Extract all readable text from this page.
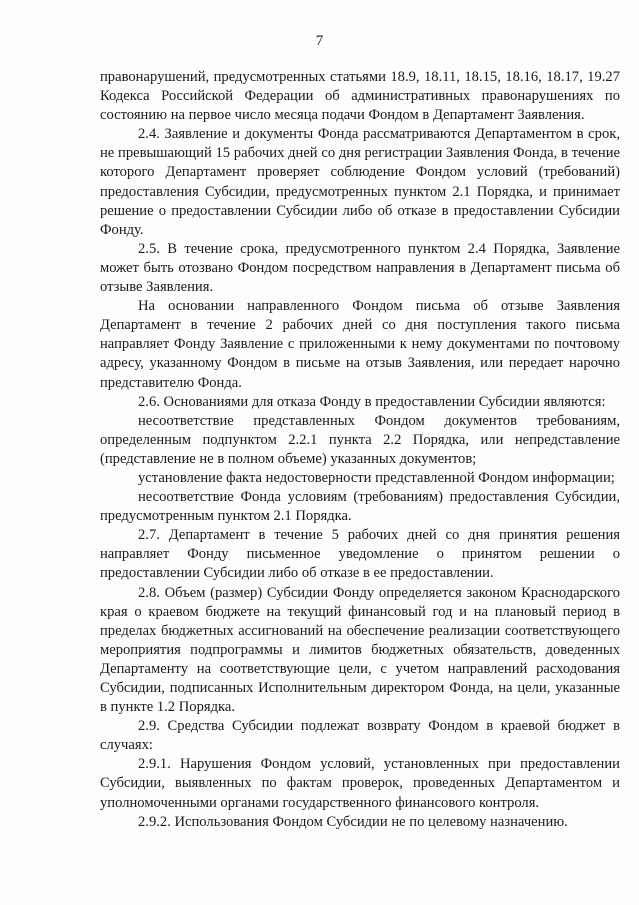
7

правонарушений, предусмотренных статьями 18.9, 18.11, 18.15, 18.16, 18.17, 19.27 Кодекса Российской Федерации об административных правонарушениях по состоянию на первое число месяца подачи Фондом в Департамент Заявления.

2.4. Заявление и документы Фонда рассматриваются Департаментом в срок, не превышающий 15 рабочих дней со дня регистрации Заявления Фонда, в течение которого Департамент проверяет соблюдение Фондом условий (требований) предоставления Субсидии, предусмотренных пунктом 2.1 Порядка, и принимает решение о предоставлении Субсидии либо об отказе в предоставлении Субсидии Фонду.

2.5. В течение срока, предусмотренного пунктом 2.4 Порядка, Заявление может быть отозвано Фондом посредством направления в Департамент письма об отзыве Заявления.

На основании направленного Фондом письма об отзыве Заявления Департамент в течение 2 рабочих дней со дня поступления такого письма направляет Фонду Заявление с приложенными к нему документами по почтовому адресу, указанному Фондом в письме на отзыв Заявления, или передает нарочно представителю Фонда.

2.6. Основаниями для отказа Фонду в предоставлении Субсидии являются:

несоответствие представленных Фондом документов требованиям, определенным подпунктом 2.2.1 пункта 2.2 Порядка, или непредставление (представление не в полном объеме) указанных документов;

установление факта недостоверности представленной Фондом информации;

несоответствие Фонда условиям (требованиям) предоставления Субсидии, предусмотренным пунктом 2.1 Порядка.

2.7. Департамент в течение 5 рабочих дней со дня принятия решения направляет Фонду письменное уведомление о принятом решении о предоставлении Субсидии либо об отказе в ее предоставлении.

2.8. Объем (размер) Субсидии Фонду определяется законом Краснодарского края о краевом бюджете на текущий финансовый год и на плановый период в пределах бюджетных ассигнований на обеспечение реализации соответствующего мероприятия подпрограммы и лимитов бюджетных обязательств, доведенных Департаменту на соответствующие цели, с учетом направлений расходования Субсидии, подписанных Исполнительным директором Фонда, на цели, указанные в пункте 1.2 Порядка.

2.9. Средства Субсидии подлежат возврату Фондом в краевой бюджет в случаях:

2.9.1. Нарушения Фондом условий, установленных при предоставлении Субсидии, выявленных по фактам проверок, проведенных Департаментом и уполномоченными органами государственного финансового контроля.

2.9.2. Использования Фондом Субсидии не по целевому назначению.
